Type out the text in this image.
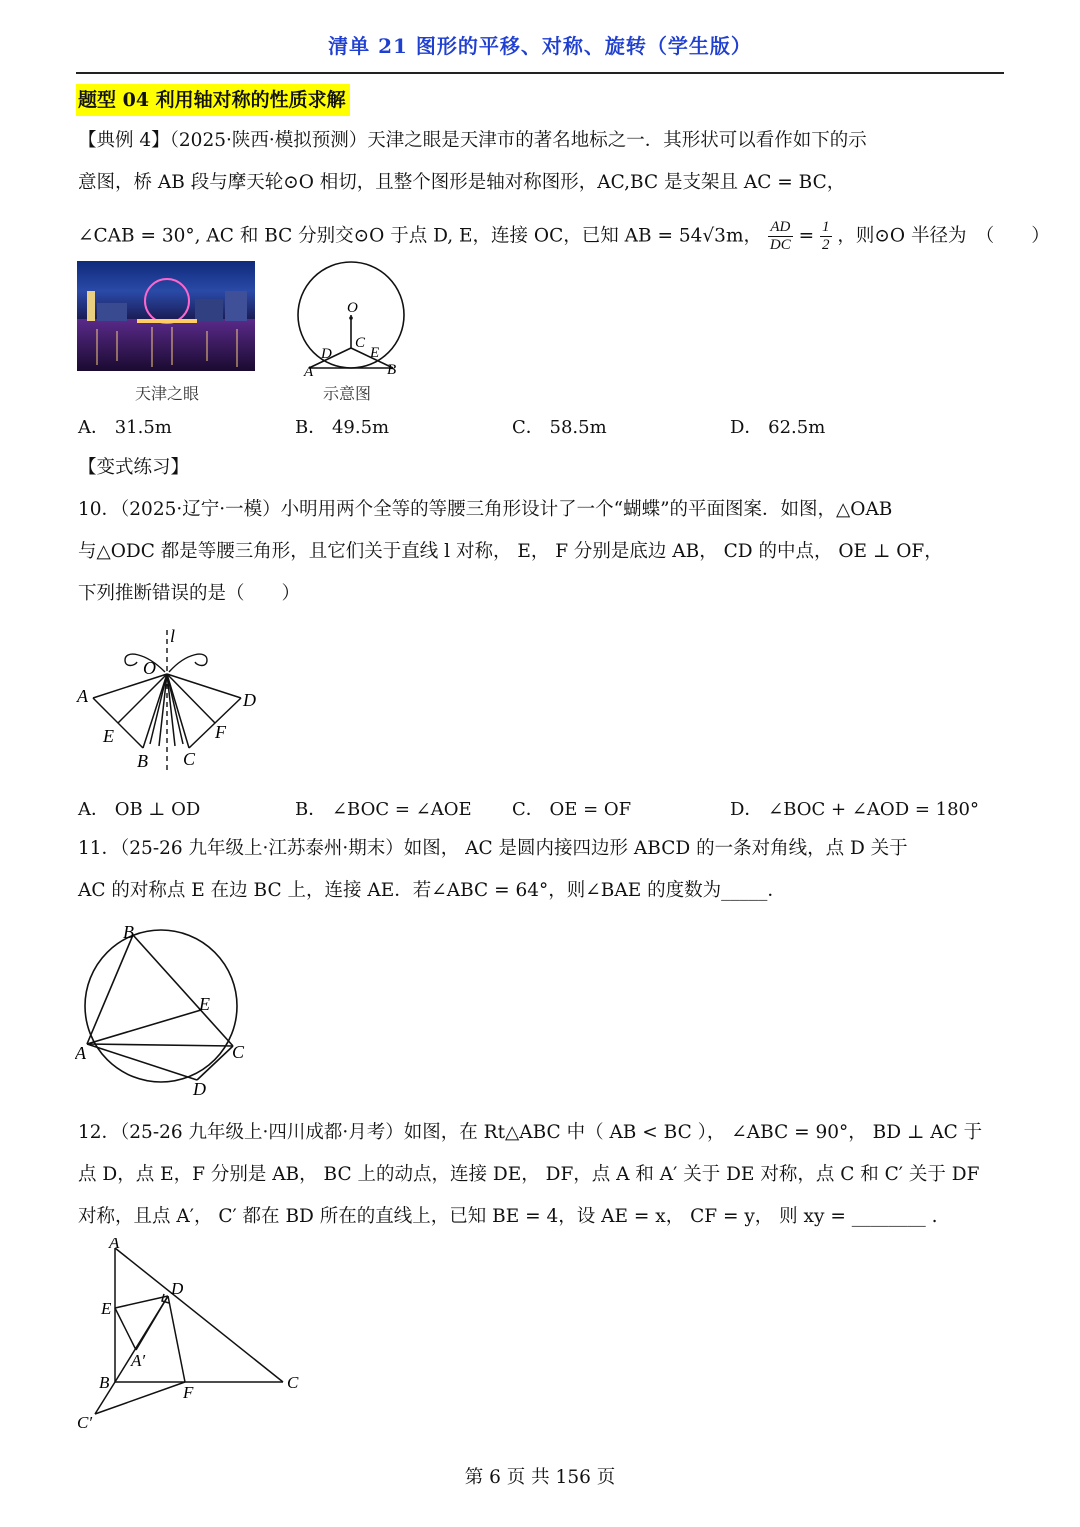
清单 21 图形的平移、对称、旋转（学生版）
题型 04 利用轴对称的性质求解
【典例 4】（2025·陕西·模拟预测）天津之眼是天津市的著名地标之一．其形状可以看作如下的示
意图，桥 AB 段与摩天轮⊙O 相切，且整个图形是轴对称图形，AC,BC 是支架且 AC = BC，
∠CAB = 30°, AC 和 BC 分别交⊙O 于点 D, E，连接 OC，已知 AB = 54√3m， $\frac{AD}{DC} = \frac{1}{2}$ ，则⊙O 半径为　（　　）
天津之眼
O
C
D	E
A	B
示意图
A． 31.5m	B． 49.5m	C． 58.5m	D． 62.5m
【变式练习】
10．（2025·辽宁·一模）小明用两个全等的等腰三角形设计了一个“蝴蝶”的平面图案．如图，△OAB
与△ODC 都是等腰三角形，且它们关于直线 l 对称， E， F 分别是底边 AB， CD 的中点， OE ⊥ OF，
下列推断错误的是（　　）
l
O
A	D
E	F
B C
A． OB ⊥ OD	B． ∠BOC = ∠AOE C． OE = OF	D． ∠BOC + ∠AOD = 180°
11．（25-26 九年级上·江苏泰州·期末）如图， AC 是圆内接四边形 ABCD 的一条对角线，点 D 关于
AC 的对称点 E 在边 BC 上，连接 AE．若∠ABC = 64°，则∠BAE 的度数为_____．
B
E
A	C
D
12．（25-26 九年级上·四川成都·月考）如图，在 Rt△ABC 中（ AB < BC ）， ∠ABC = 90°， BD ⊥ AC 于
点 D，点 E，F 分别是 AB， BC 上的动点，连接 DE， DF，点 A 和 A′ 关于 DE 对称，点 C 和 C′ 关于 DF
对称，且点 A′， C′ 都在 BD 所在的直线上，已知 BE = 4，设 AE = x， CF = y， 则 xy = ________ .
A
D
E
A′
B
F
C
C′
第 6 页 共 156 页
